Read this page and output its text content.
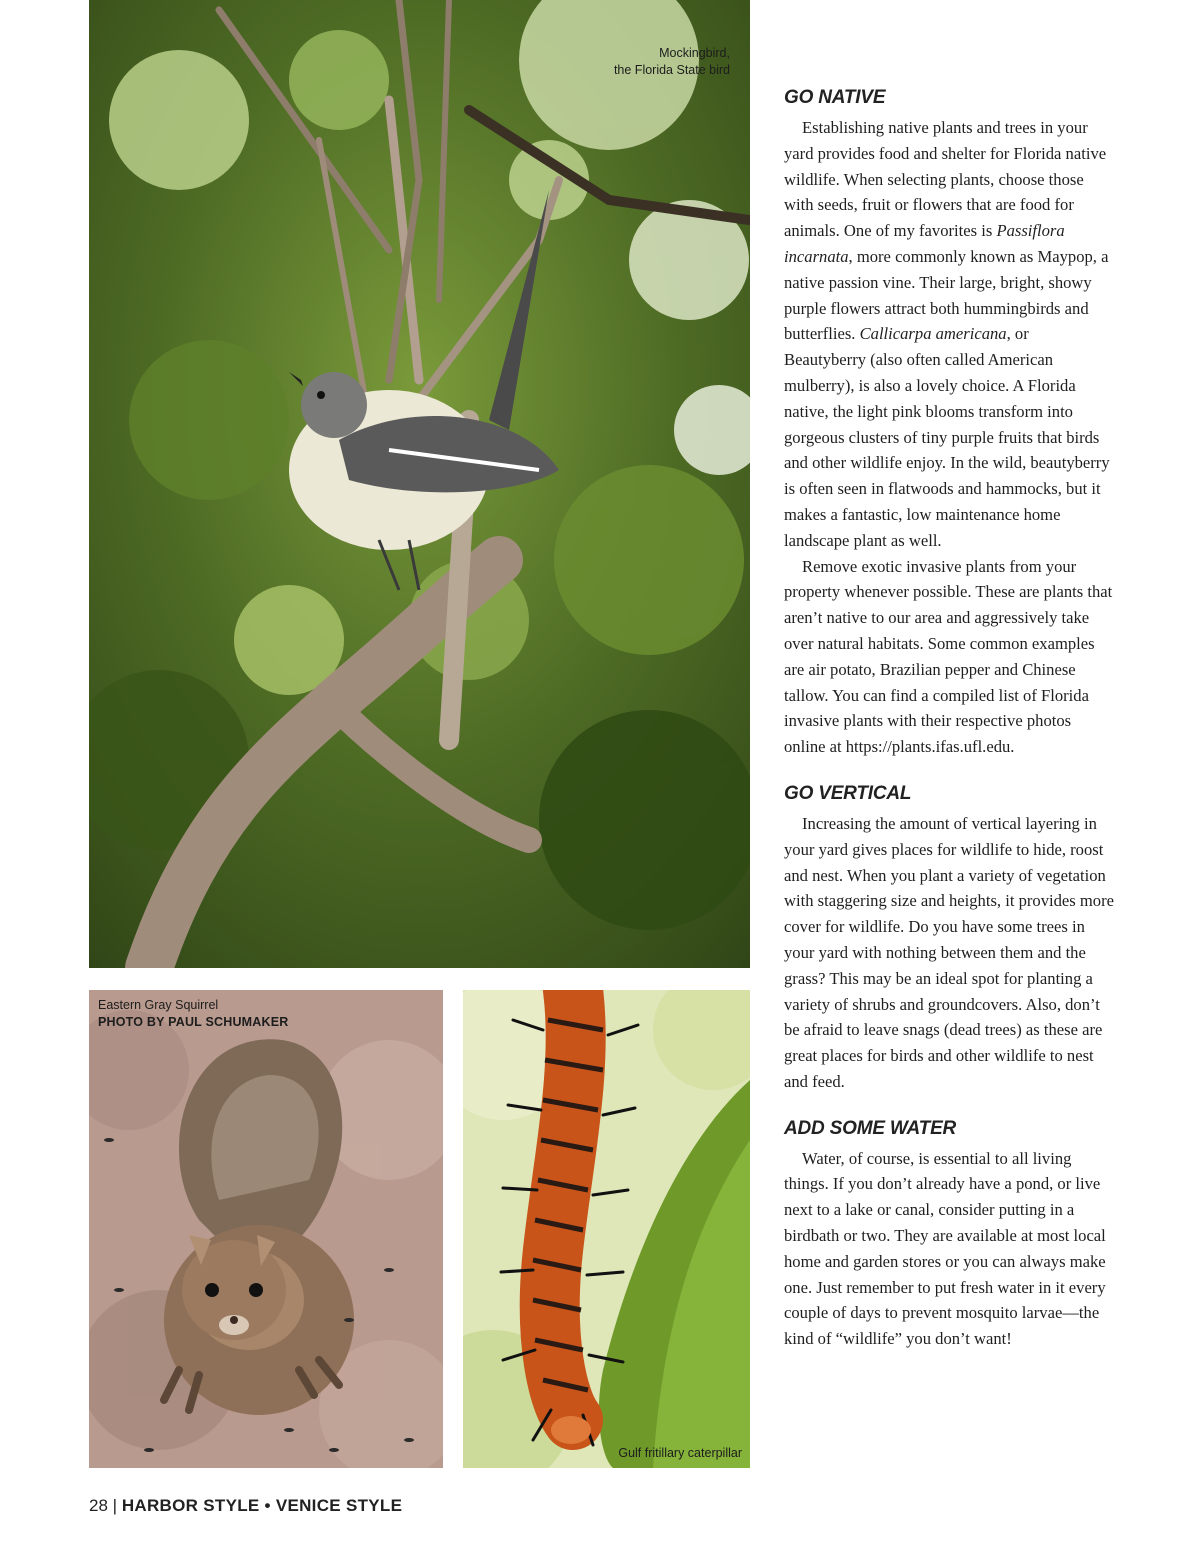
Mockingbird,
the Florida State bird
Eastern Gray Squirrel
PHOTO BY PAUL SCHUMAKER
Gulf fritillary caterpillar
GO NATIVE

Establishing native plants and trees in your yard provides food and shelter for Florida native wildlife. When selecting plants, choose those with seeds, fruit or flowers that are food for animals. One of my favorites is Passiflora incarnata, more commonly known as Maypop, a native passion vine. Their large, bright, showy purple flowers attract both hummingbirds and butterflies. Callicarpa americana, or Beautyberry (also often called American mulberry), is also a lovely choice. A Florida native, the light pink blooms transform into gorgeous clusters of tiny purple fruits that birds and other wildlife enjoy. In the wild, beautyberry is often seen in flatwoods and hammocks, but it makes a fantastic, low maintenance home landscape plant as well.

Remove exotic invasive plants from your property whenever possible. These are plants that aren’t native to our area and aggressively take over natural habitats. Some common examples are air potato, Brazilian pepper and Chinese tallow. You can find a compiled list of Florida invasive plants with their respective photos online at https://plants.ifas.ufl.edu.

GO VERTICAL

Increasing the amount of vertical layering in your yard gives places for wildlife to hide, roost and nest. When you plant a variety of vegetation with staggering size and heights, it provides more cover for wildlife. Do you have some trees in your yard with nothing between them and the grass? This may be an ideal spot for planting a variety of shrubs and groundcovers. Also, don’t be afraid to leave snags (dead trees) as these are great places for birds and other wildlife to nest and feed.

ADD SOME WATER

Water, of course, is essential to all living things. If you don’t already have a pond, or live next to a lake or canal, consider putting in a birdbath or two. They are available at most local home and garden stores or you can always make one. Just remember to put fresh water in it every couple of days to prevent mosquito larvae—the kind of “wildlife” you don’t want!

28 | HARBOR STYLE • VENICE STYLE
